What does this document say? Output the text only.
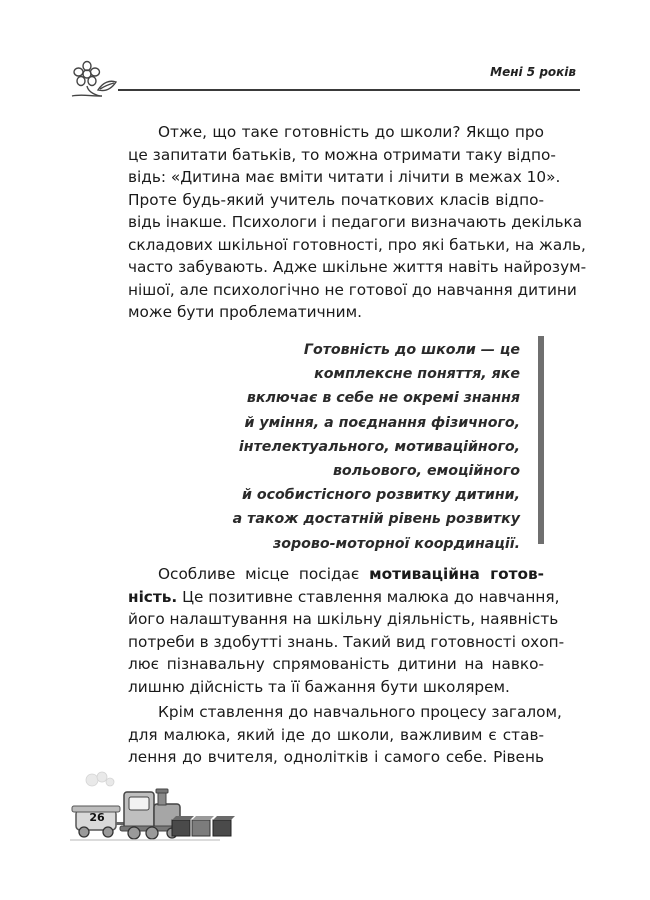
Мені 5 років
Отже, що таке готовність до школи? Якщо про
це запитати батьків, то можна отримати таку відпо-
відь: «Дитина має вміти читати і лічити в межах 10».
Проте будь-який учитель початкових класів відпо-
відь інакше. Психологи і педагоги визначають декілька
складових шкільної готовності, про які батьки, на жаль,
часто забувають. Адже шкільне життя навіть найрозум-
нішої, але психологічно не готової до навчання дитини
може бути проблематичним.
Готовність до школи — це
комплексне поняття, яке
включає в себе не окремі знання
й уміння, а поєднання фізичного,
інтелектуального, мотиваційного,
вольового, емоційного
й особистісного розвитку дитини,
а також достатній рівень розвитку
зорово-моторної координації.
Особливе місце посідає мотиваційна готов-
ність. Це позитивне ставлення малюка до навчання,
його налаштування на шкільну діяльність, наявність
потреби в здобутті знань. Такий вид готовності охоп-
лює пізнавальну спрямованість дитини на навко-
лишню дійсність та її бажання бути школярем.
Крім ставлення до навчального процесу загалом,
для малюка, який іде до школи, важливим є став-
лення до вчителя, однолітків і самого себе. Рівень
26
